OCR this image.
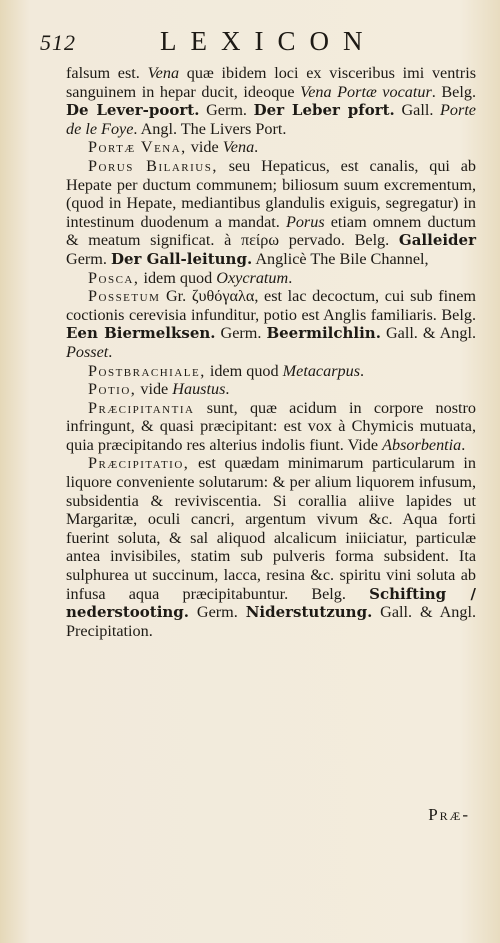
512	LEXICON

falsum est. Vena quæ ibidem loci ex visceribus imi ventris sanguinem in hepar ducit, ideoque Vena Portæ vocatur. Belg. De Lever-poort. Germ. Der Leber pfort. Gall. Porte de le Foye. Angl. The Livers Port.

Portæ Vena, vide Vena.

Porus Bilarius, seu Hepaticus, est canalis, qui ab Hepate per ductum communem; biliosum suum excrementum, (quod in Hepate, mediantibus glandulis exiguis, segregatur) in intestinum duodenum a mandat. Porus etiam omnem ductum & meatum significat. à πείρω pervado. Belg. Galleider Germ. Der Gall-leitung. Anglicè The Bile Channel,

Posca, idem quod Oxycratum.

Possetum Gr. ζυθόγαλα, est lac decoctum, cui sub finem coctionis cerevisia infunditur, potio est Anglis familiaris. Belg. Een Biermelksen. Germ. Beermilchlin. Gall. & Angl. Posset.

Postbrachiale, idem quod Metacarpus.

Potio, vide Haustus.

Præcipitantia sunt, quæ acidum in corpore nostro infringunt, & quasi præcipitant: est vox à Chymicis mutuata, quia præcipitando res alterius indolis fiunt. Vide Absorbentia.

Præcipitatio, est quædam minimarum particularum in liquore conveniente solutarum: & per alium liquorem infusum, subsidentia & reviviscentia. Si corallia aliive lapides ut Margaritæ, oculi cancri, argentum vivum &c. Aqua forti fuerint soluta, & sal aliquod alcalicum iniiciatur, particulæ antea invisibiles, statim sub pulveris forma subsident. Ita sulphurea ut succinum, lacca, resina &c. spiritu vini soluta ab infusa aqua præcipitabuntur. Belg. Schifting / nederstooting. Germ. Niderstutzung. Gall. & Angl. Precipitation.

Præ-
